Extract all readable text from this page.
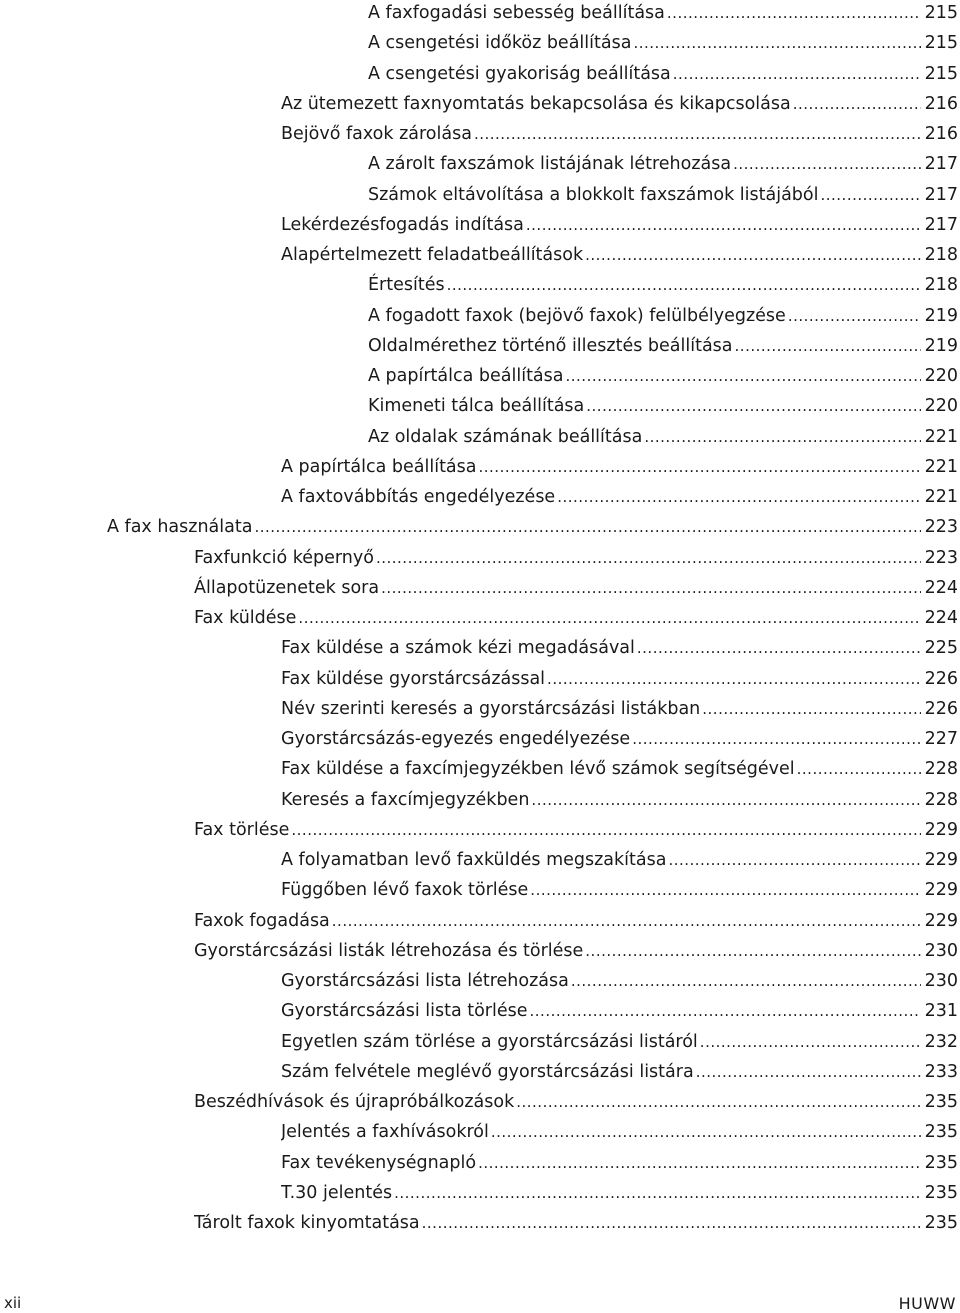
A faxfogadási sebesség beállítása .....	215
A csengetési időköz beállítása .....	215
A csengetési gyakoriság beállítása .....	215
Az ütemezett faxnyomtatás bekapcsolása és kikapcsolása .....	216
Bejövő faxok zárolása .....	216
A zárolt faxszámok listájának létrehozása .....	217
Számok eltávolítása a blokkolt faxszámok listájából .....	217
Lekérdezésfogadás indítása .....	217
Alapértelmezett feladatbeállítások .....	218
Értesítés .....	218
A fogadott faxok (bejövő faxok) felülbélyegzése .....	219
Oldalmérethez történő illesztés beállítása .....	219
A papírtálca beállítása .....	220
Kimeneti tálca beállítása .....	220
Az oldalak számának beállítása .....	221
A papírtálca beállítása .....	221
A faxtovábbítás engedélyezése .....	221
A fax használata .....	223
Faxfunkció képernyő .....	223
Állapotüzenetek sora .....	224
Fax küldése .....	224
Fax küldése a számok kézi megadásával .....	225
Fax küldése gyorstárcsázással .....	226
Név szerinti keresés a gyorstárcsázási listákban .....	226
Gyorstárcsázás-egyezés engedélyezése .....	227
Fax küldése a faxcímjegyzékben lévő számok segítségével .....	228
Keresés a faxcímjegyzékben .....	228
Fax törlése .....	229
A folyamatban levő faxküldés megszakítása .....	229
Függőben lévő faxok törlése .....	229
Faxok fogadása .....	229
Gyorstárcsázási listák létrehozása és törlése .....	230
Gyorstárcsázási lista létrehozása .....	230
Gyorstárcsázási lista törlése .....	231
Egyetlen szám törlése a gyorstárcsázási listáról .....	232
Szám felvétele meglévő gyorstárcsázási listára .....	233
Beszédhívások és újrapróbálkozások .....	235
Jelentés a faxhívásokról .....	235
Fax tevékenységnapló .....	235
T.30 jelentés .....	235
Tárolt faxok kinyomtatása .....	235
xii	HUWW
